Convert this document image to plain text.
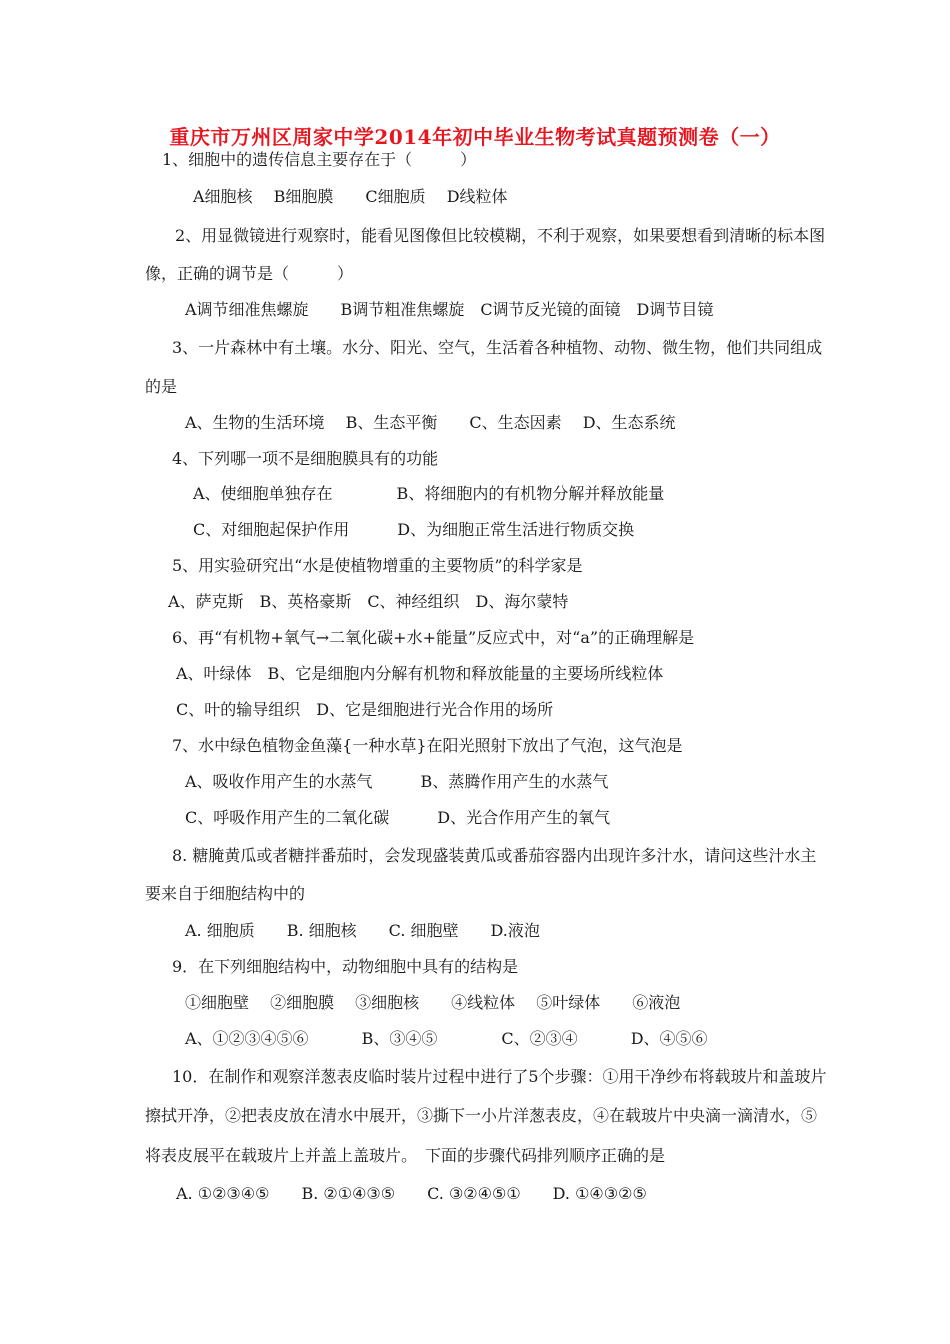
重庆市万州区周家中学2014年初中毕业生物考试真题预测卷（一）
1、细胞中的遗传信息主要存在于（　　　）
A细胞核　 B细胞膜　　C细胞质　 D线粒体
2、用显微镜进行观察时，能看见图像但比较模糊，不利于观察，如果要想看到清晰的标本图
像，正确的调节是（　　　）
A调节细准焦螺旋　　B调节粗准焦螺旋　C调节反光镜的面镜　D调节目镜
3、一片森林中有土壤。水分、阳光、空气，生活着各种植物、动物、微生物，他们共同组成
的是
A、生物的生活环境　 B、生态平衡　　C、生态因素　 D、生态系统
4、下列哪一项不是细胞膜具有的功能
A、使细胞单独存在　　　　B、将细胞内的有机物分解并释放能量
C、对细胞起保护作用　　　D、为细胞正常生活进行物质交换
5、用实验研究出“水是使植物增重的主要物质”的科学家是
A、萨克斯　B、英格豪斯　C、神经组织　D、海尔蒙特
6、再“有机物+氧气→二氧化碳+水+能量”反应式中，对“a”的正确理解是
A、叶绿体　B、它是细胞内分解有机物和释放能量的主要场所线粒体
C、叶的输导组织　D、它是细胞进行光合作用的场所
7、水中绿色植物金鱼藻{一种水草}在阳光照射下放出了气泡，这气泡是
A、吸收作用产生的水蒸气　　　B、蒸腾作用产生的水蒸气
C、呼吸作用产生的二氧化碳　　　D、光合作用产生的氧气
8. 糖腌黄瓜或者糖拌番茄时，会发现盛装黄瓜或番茄容器内出现许多汁水，请问这些汁水主
要来自于细胞结构中的
A. 细胞质　　B. 细胞核　　C. 细胞壁　　D.液泡
9．在下列细胞结构中，动物细胞中具有的结构是
①细胞壁　 ②细胞膜　 ③细胞核　　④线粒体　 ⑤叶绿体　　⑥液泡
A、①②③④⑤⑥　　　 B、③④⑤　　　　C、②③④　　　 D、④⑤⑥
10．在制作和观察洋葱表皮临时装片过程中进行了5个步骤：①用干净纱布将载玻片和盖玻片
擦拭开净，②把表皮放在清水中展开，③撕下一小片洋葱表皮，④在载玻片中央滴一滴清水，⑤
将表皮展平在载玻片上并盖上盖玻片。　下面的步骤代码排列顺序正确的是
A. ①②③④⑤　　B. ②①④③⑤　　C. ③②④⑤①　　D. ①④③②⑤
